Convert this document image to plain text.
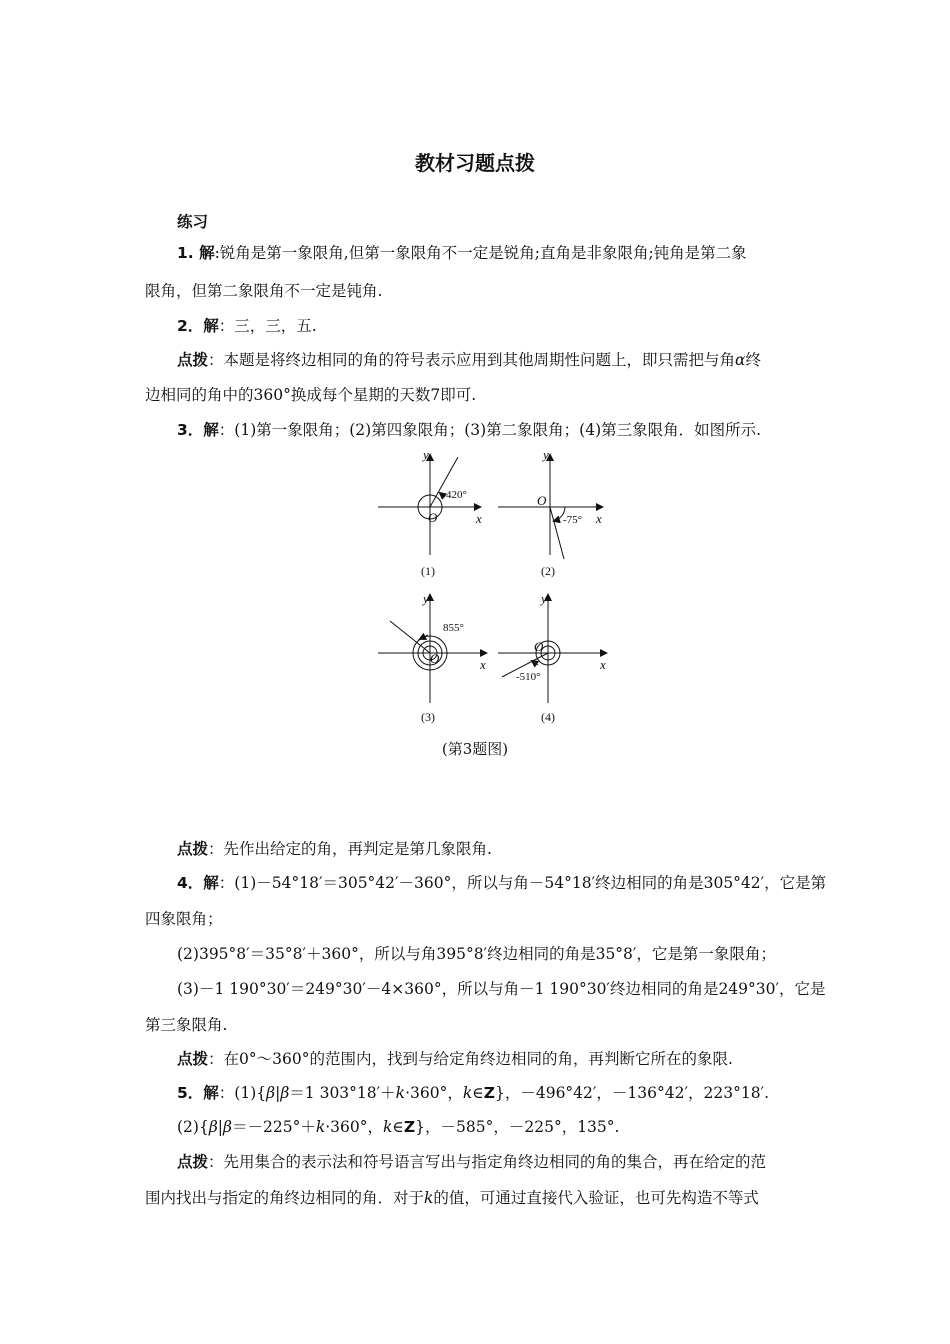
教材习题点拨
练习
1. 解:锐角是第一象限角,但第一象限角不一定是锐角;直角是非象限角;钝角是第二象
限角，但第二象限角不一定是钝角.
2．解：三，三，五.
点拨：本题是将终边相同的角的符号表示应用到其他周期性问题上，即只需把与角α终
边相同的角中的360°换成每个星期的天数7即可.
3．解：(1)第一象限角；(2)第四象限角；(3)第二象限角；(4)第三象限角．如图所示.
y
x
O
420°
(1)
y
x
O
-75°
(2)
y
x
O
855°
(3)
y
x
O
-510°
(4)
(第3题图)
点拨：先作出给定的角，再判定是第几象限角.
4．解：(1)－54°18′＝305°42′－360°，所以与角－54°18′终边相同的角是305°42′，它是第
四象限角；
(2)395°8′＝35°8′＋360°，所以与角395°8′终边相同的角是35°8′，它是第一象限角；
(3)－1 190°30′＝249°30′－4×360°，所以与角－1 190°30′终边相同的角是249°30′，它是
第三象限角.
点拨：在0°～360°的范围内，找到与给定角终边相同的角，再判断它所在的象限.
5．解：(1){β|β＝1 303°18′＋k·360°，k∈Z}，－496°42′，－136°42′，223°18′.
(2){β|β＝－225°＋k·360°，k∈Z}，－585°，－225°，135°.
点拨：先用集合的表示法和符号语言写出与指定角终边相同的角的集合，再在给定的范
围内找出与指定的角终边相同的角．对于k的值，可通过直接代入验证，也可先构造不等式
